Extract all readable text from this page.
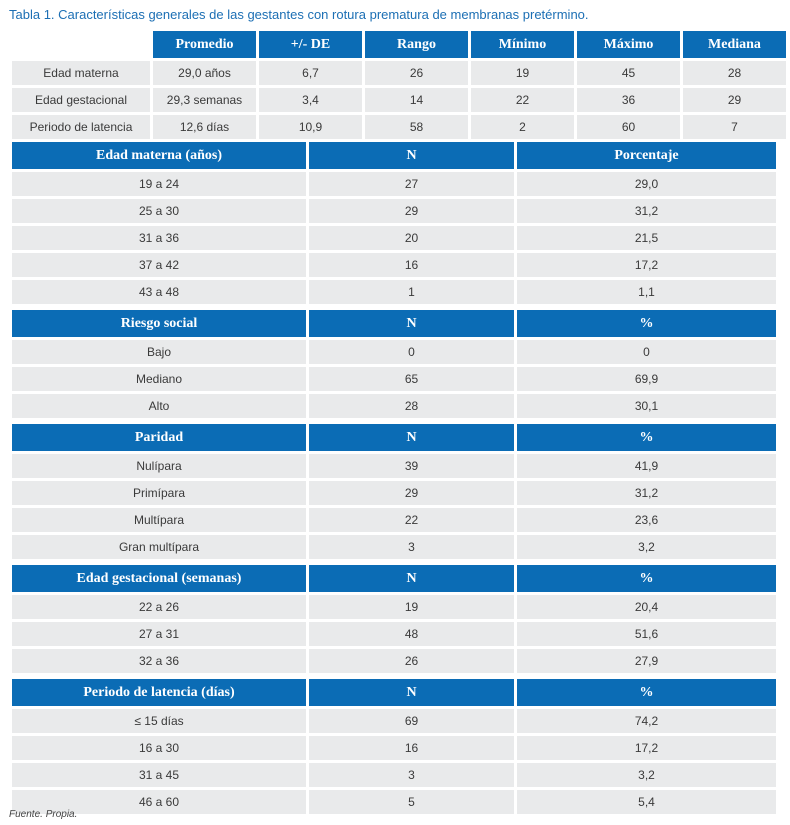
Tabla 1. Características generales de las gestantes con rotura prematura de membranas pretérmino.
	Promedio	+/- DE	Rango	Mínimo	Máximo	Mediana
Edad materna	29,0 años	6,7	26	19	45	28
Edad gestacional	29,3 semanas	3,4	14	22	36	29
Periodo de latencia	12,6 días	10,9	58	2	60	7
Edad materna (años)	N	Porcentaje
19 a 24	27	29,0
25 a 30	29	31,2
31 a 36	20	21,5
37 a 42	16	17,2
43 a 48	1	1,1
Riesgo social	N	%
Bajo	0	0
Mediano	65	69,9
Alto	28	30,1
Paridad	N	%
Nulípara	39	41,9
Primípara	29	31,2
Multípara	22	23,6
Gran multípara	3	3,2
Edad gestacional (semanas)	N	%
22 a 26	19	20,4
27 a 31	48	51,6
32 a 36	26	27,9
Periodo de latencia (días)	N	%
≤ 15 días	69	74,2
16 a 30	16	17,2
31 a 45	3	3,2
46 a 60	5	5,4
Fuente. Propia.
